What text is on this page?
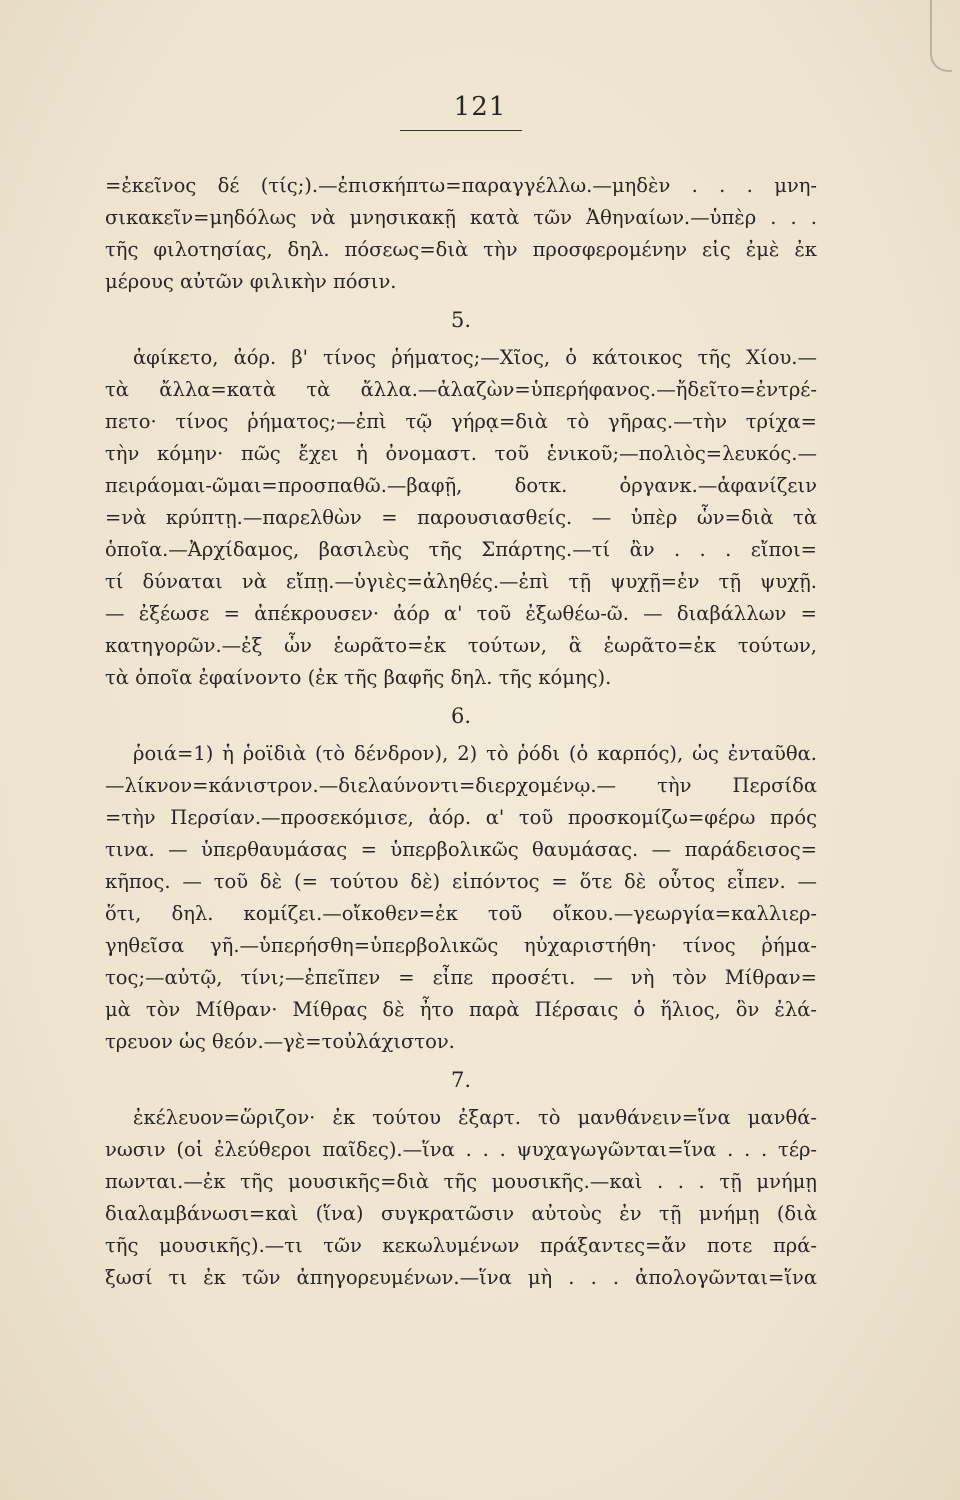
121
=ἐκεῖνος δέ (τίς;).—ἐπισκήπτω=παραγγέλλω.—μηδὲν . . . μνη-
σικακεῖν=μηδόλως νὰ μνησικακῇ κατὰ τῶν Ἀθηναίων.—ὑπὲρ . . .
τῆς φιλοτησίας, δηλ. πόσεως=διὰ τὴν προσφερομένην εἰς ἐμὲ ἐκ
μέρους αὐτῶν φιλικὴν πόσιν.
5.
ἀφίκετο, ἀόρ. β' τίνος ῥήματος;—Χῖος, ὁ κάτοικος τῆς Χίου.—
τὰ ἄλλα=κατὰ τὰ ἄλλα.—ἀλαζὼν=ὑπερήφανος.—ἤδεῖτο=ἐντρέ-
πετο· τίνος ῥήματος;—ἐπὶ τῷ γήρᾳ=διὰ τὸ γῆρας.—τὴν τρίχα=
τὴν κόμην· πῶς ἔχει ἡ ὀνομαστ. τοῦ ἑνικοῦ;—πολιὸς=λευκός.—
πειράομαι-ῶμαι=προσπαθῶ.—βαφῇ, δοτκ. ὀργανκ.—ἀφανίζειν
=νὰ κρύπτῃ.—παρελθὼν = παρουσιασθείς. — ὑπὲρ ὧν=διὰ τὰ
ὁποῖα.—Ἀρχίδαμος, βασιλεὺς τῆς Σπάρτης.—τί ἂν . . . εἴποι=
τί δύναται νὰ εἴπῃ.—ὑγιὲς=ἀληθές.—ἐπὶ τῇ ψυχῇ=ἐν τῇ ψυχῇ.
— ἐξέωσε = ἀπέκρουσεν· ἀόρ α' τοῦ ἐξωθέω-ῶ. — διαβάλλων =
κατηγορῶν.—ἐξ ὧν ἑωρᾶτο=ἐκ τούτων, ἃ ἑωρᾶτο=ἐκ τούτων,
τὰ ὁποῖα ἐφαίνοντο (ἐκ τῆς βαφῆς δηλ. τῆς κόμης).
6.
ῥοιά=1) ἡ ῥοϊδιὰ (τὸ δένδρον), 2) τὸ ῥόδι (ὁ καρπός), ὡς ἐνταῦθα.
—λίκνον=κάνιστρον.—διελαύνοντι=διερχομένῳ.— τὴν Περσίδα
=τὴν Περσίαν.—προσεκόμισε, ἀόρ. α' τοῦ προσκομίζω=φέρω πρός
τινα. — ὑπερθαυμάσας = ὑπερβολικῶς θαυμάσας. — παράδεισος=
κῆπος. — τοῦ δὲ (= τούτου δὲ) εἰπόντος = ὅτε δὲ οὗτος εἶπεν. —
ὅτι, δηλ. κομίζει.—οἴκοθεν=ἐκ τοῦ οἴκου.—γεωργία=καλλιερ-
γηθεῖσα γῆ.—ὑπερήσθη=ὑπερβολικῶς ηὐχαριστήθη· τίνος ῥήμα-
τος;—αὐτῷ, τίνι;—ἐπεῖπεν = εἶπε προσέτι. — νὴ τὸν Μίθραν=
μὰ τὸν Μίθραν· Μίθρας δὲ ἦτο παρὰ Πέρσαις ὁ ἥλιος, ὃν ἐλά-
τρευον ὡς θεόν.—γὲ=τοὐλάχιστον.
7.
ἐκέλευον=ὥριζον· ἐκ τούτου ἐξαρτ. τὸ μανθάνειν=ἵνα μανθά-
νωσιν (οἱ ἐλεύθεροι παῖδες).—ἵνα . . . ψυχαγωγῶνται=ἵνα . . . τέρ-
πωνται.—ἐκ τῆς μουσικῆς=διὰ τῆς μουσικῆς.—καὶ . . . τῇ μνήμῃ
διαλαμβάνωσι=καὶ (ἵνα) συγκρατῶσιν αὐτοὺς ἐν τῇ μνήμῃ (διὰ
τῆς μουσικῆς).—τι τῶν κεκωλυμένων πράξαντες=ἄν ποτε πρά-
ξωσί τι ἐκ τῶν ἀπηγορευμένων.—ἵνα μὴ . . . ἀπολογῶνται=ἵνα
